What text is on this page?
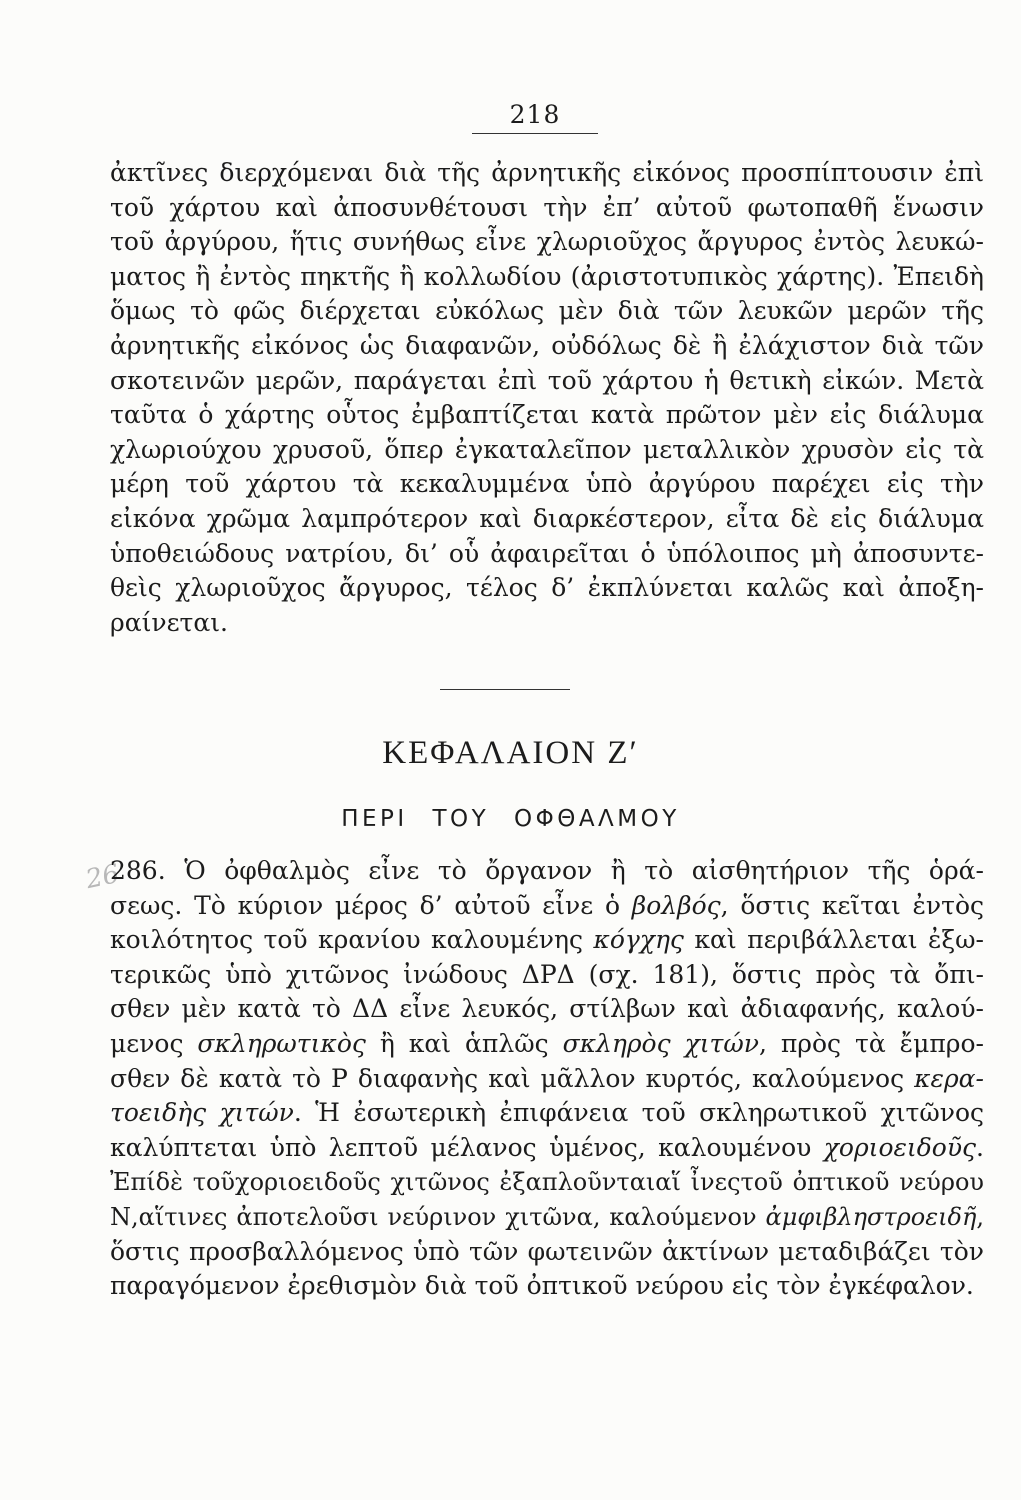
218

ἀκτῖνες διερχόμεναι διὰ τῆς ἀρνητικῆς εἰκόνος προσπίπτουσιν ἐπὶ
τοῦ χάρτου καὶ ἀποσυνθέτουσι τὴν ἐπ’ αὐτοῦ φωτοπαθῆ ἕνωσιν
τοῦ ἀργύρου, ἥτις συνήθως εἶνε χλωριοῦχος ἄργυρος ἐντὸς λευκώ-
ματος ἢ ἐντὸς πηκτῆς ἢ κολλωδίου (ἀριστοτυπικὸς χάρτης). Ἐπειδὴ
ὅμως τὸ φῶς διέρχεται εὐκόλως μὲν διὰ τῶν λευκῶν μερῶν τῆς
ἀρνητικῆς εἰκόνος ὡς διαφανῶν, οὐδόλως δὲ ἢ ἐλάχιστον διὰ τῶν
σκοτεινῶν μερῶν, παράγεται ἐπὶ τοῦ χάρτου ἡ θετικὴ εἰκών. Μετὰ
ταῦτα ὁ χάρτης οὗτος ἐμβαπτίζεται κατὰ πρῶτον μὲν εἰς διάλυμα
χλωριούχου χρυσοῦ, ὅπερ ἐγκαταλεῖπον μεταλλικὸν χρυσὸν εἰς τὰ
μέρη τοῦ χάρτου τὰ κεκαλυμμένα ὑπὸ ἀργύρου παρέχει εἰς τὴν
εἰκόνα χρῶμα λαμπρότερον καὶ διαρκέστερον, εἶτα δὲ εἰς διάλυμα
ὑποθειώδους νατρίου, δι’ οὗ ἀφαιρεῖται ὁ ὑπόλοιπος μὴ ἀποσυντε-
θεὶς χλωριοῦχος ἄργυρος, τέλος δ’ ἐκπλύνεται καλῶς καὶ ἀποξη-
ραίνεται.

ΚΕΦΑΛΑΙΟΝ Ζ′
ΠΕΡΙ ΤΟΥ ΟΦΘΑΛΜΟΥ
26

286. Ὁ ὀφθαλμὸς εἶνε τὸ ὄργανον ἢ τὸ αἰσθητήριον τῆς ὁρά-
σεως. Τὸ κύριον μέρος δ’ αὐτοῦ εἶνε ὁ βολβός, ὅστις κεῖται ἐντὸς
κοιλότητος τοῦ κρανίου καλουμένης κόγχης καὶ περιβάλλεται ἐξω-
τερικῶς ὑπὸ χιτῶνος ἰνώδους ΔΡΔ (σχ. 181), ὅστις πρὸς τὰ ὄπι-
σθεν μὲν κατὰ τὸ ΔΔ εἶνε λευκός, στίλβων καὶ ἀδιαφανής, καλού-
μενος σκληρωτικὸς ἢ καὶ ἁπλῶς σκληρὸς χιτών, πρὸς τὰ ἔμπρο-
σθεν δὲ κατὰ τὸ Ρ διαφανὴς καὶ μᾶλλον κυρτός, καλούμενος κερα-
τοειδὴς χιτών. Ἡ ἐσωτερικὴ ἐπιφάνεια τοῦ σκληρωτικοῦ χιτῶνος
καλύπτεται ὑπὸ λεπτοῦ μέλανος ὑμένος, καλουμένου χοριοειδοῦς.
Ἐπίδὲ τοῦχοριοειδοῦς χιτῶνος ἐξαπλοῦνταιαἵ ἶνεςτοῦ ὀπτικοῦ νεύρου
Ν,αἵτινες ἀποτελοῦσι νεύρινον χιτῶνα, καλούμενον ἀμφιβληστροειδῆ,
ὅστις προσβαλλόμενος ὑπὸ τῶν φωτεινῶν ἀκτίνων μεταδιβάζει τὸν
παραγόμενον ἐρεθισμὸν διὰ τοῦ ὀπτικοῦ νεύρου εἰς τὸν ἐγκέφαλον.
